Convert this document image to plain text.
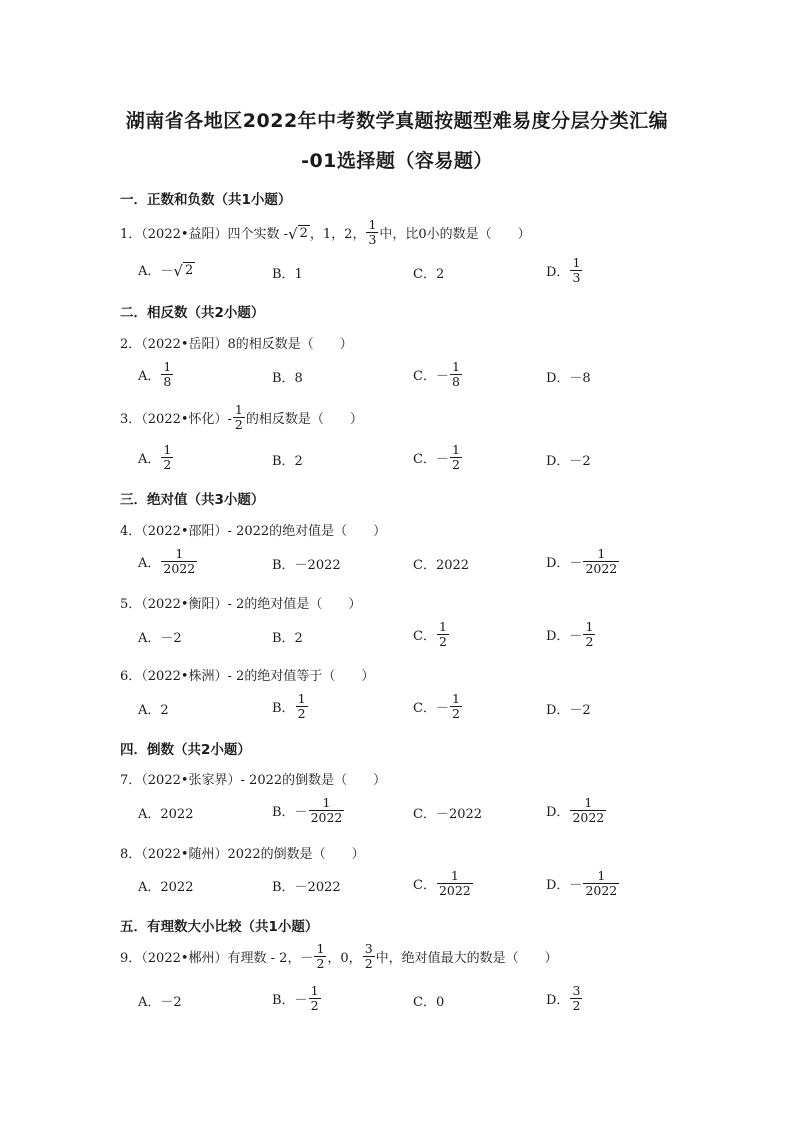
湖南省各地区2022年中考数学真题按题型难易度分层分类汇编
-01选择题（容易题）
一．正数和负数（共1小题）
1．（2022•益阳）四个实数 - √ 2 ，1，2， $\frac{1}{3}$ 中，比0小的数是（　　）
A．－ √ 2	B．1	C．2	D． $\frac{1}{3}$
二．相反数（共2小题）
2．（2022•岳阳）8的相反数是（　　）
A． $\frac{1}{8}$	B．8	C．－ $\frac{1}{8}$	D．－8
3．（2022•怀化）- $\frac{1}{2}$ 的相反数是（　　）
A． $\frac{1}{2}$	B．2	C．－ $\frac{1}{2}$	D．－2
三．绝对值（共3小题）
4．（2022•邵阳）- 2022的绝对值是（　　）
A． $\frac{1}{2022}$	B．－2022	C．2022	D．－ $\frac{1}{2022}$
5．（2022•衡阳）- 2的绝对值是（　　）
A．－2	B．2	C． $\frac{1}{2}$	D．－ $\frac{1}{2}$
6．（2022•株洲）- 2的绝对值等于（　　）
A．2	B． $\frac{1}{2}$	C．－ $\frac{1}{2}$	D．－2
四．倒数（共2小题）
7．（2022•张家界）- 2022的倒数是（　　）
A．2022	B．－ $\frac{1}{2022}$	C．－2022	D． $\frac{1}{2022}$
8．（2022•随州）2022的倒数是（　　）
A．2022	B．－2022	C． $\frac{1}{2022}$	D．－ $\frac{1}{2022}$
五．有理数大小比较（共1小题）
9．（2022•郴州）有理数 - 2，－ $\frac{1}{2}$ ，0， $\frac{3}{2}$ 中，绝对值最大的数是（　　）
A．－2	B．－ $\frac{1}{2}$	C．0	D． $\frac{3}{2}$
